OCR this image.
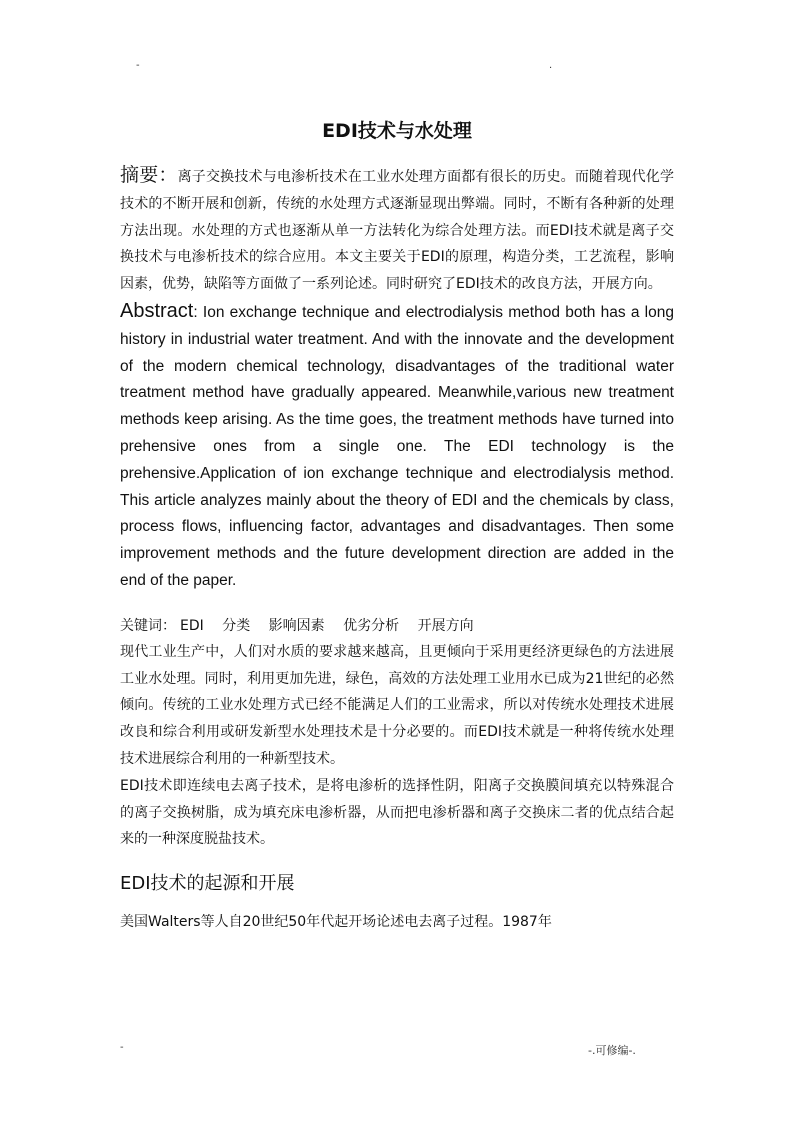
-	.
EDI技术与水处理

摘要：离子交换技术与电渗析技术在工业水处理方面都有很长的历史。而随着现代化学技术的不断开展和创新，传统的水处理方式逐渐显现出弊端。同时，不断有各种新的处理方法出现。水处理的方式也逐渐从单一方法转化为综合处理方法。而EDI技术就是离子交换技术与电渗析技术的综合应用。本文主要关于EDI的原理，构造分类，工艺流程，影响因素，优势，缺陷等方面做了一系列论述。同时研究了EDI技术的改良方法，开展方向。

Abstract: Ion exchange technique and electrodialysis method both has a long history in industrial water treatment. And with the innovate and the development of the modern chemical technology, disadvantages of the traditional water treatment method have gradually appeared. Meanwhile,various new treatment methods keep arising. As the time goes, the treatment methods have turned into prehensive ones from a single one. The EDI technology is the prehensive.Application of ion exchange technique and electrodialysis method. This article analyzes mainly about the theory of EDI and the chemicals by class, process flows, influencing factor, advantages and disadvantages. Then some improvement methods and the future development direction are added in the end of the paper.

关键词： EDI 分类 影响因素 优劣分析 开展方向

现代工业生产中，人们对水质的要求越来越高，且更倾向于采用更经济更绿色的方法进展工业水处理。同时，利用更加先进，绿色，高效的方法处理工业用水已成为21世纪的必然倾向。传统的工业水处理方式已经不能满足人们的工业需求，所以对传统水处理技术进展改良和综合利用或研发新型水处理技术是十分必要的。而EDI技术就是一种将传统水处理技术进展综合利用的一种新型技术。

EDI技术即连续电去离子技术，是将电渗析的选择性阴，阳离子交换膜间填充以特殊混合的离子交换树脂，成为填充床电渗析器，从而把电渗析器和离子交换床二者的优点结合起来的一种深度脱盐技术。

EDI技术的起源和开展

美国Walters等人自20世纪50年代起开场论述电去离子过程。1987年

-	-.可修编-.
